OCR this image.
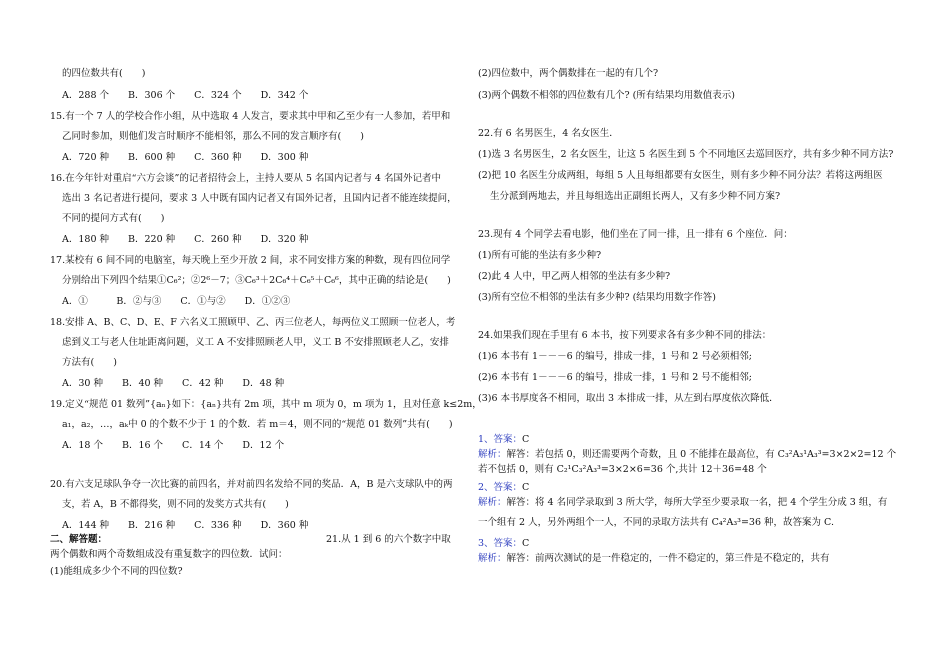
的四位数共有(　　)
A．288 个　　B．306 个　　C．324 个　　D．342 个
15.有一个 7 人的学校合作小组，从中选取 4 人发言，要求其中甲和乙至少有一人参加，若甲和
乙同时参加，则他们发言时顺序不能相邻，那么不同的发言顺序有(　　)
A．720 种　　B．600 种　　C．360 种　　D．300 种
16.在今年针对重启“六方会谈”的记者招待会上，主持人要从 5 名国内记者与 4 名国外记者中
选出 3 名记者进行提问，要求 3 人中既有国内记者又有国外记者，且国内记者不能连续提问，
不同的提问方式有(　　)
A．180 种　　B．220 种　　C．260 种　　D．320 种
17.某校有 6 间不同的电脑室，每天晚上至少开放 2 间，求不同安排方案的种数，现有四位同学
分别给出下列四个结果①C₆²；②2⁶－7；③C₆³＋2C₆⁴＋C₆⁵＋C₆⁶，其中正确的结论是(　　)
A．①　　　B．②与③　　C．①与②　　D．①②③
18.安排 A、B、C、D、E、F 六名义工照顾甲、乙、丙三位老人，每两位义工照顾一位老人，考
虑到义工与老人住址距离问题，义工 A 不安排照顾老人甲，义工 B 不安排照顾老人乙，安排
方法有(　　)
A．30 种　　B．40 种　　C．42 种　　D．48 种
19.定义“规范 01 数列”{aₙ}如下：{aₙ}共有 2m 项，其中 m 项为 0，m 项为 1，且对任意 k≤2m，
a₁，a₂，…，aₖ中 0 的个数不少于 1 的个数．若 m＝4，则不同的“规范 01 数列”共有(　　)
A．18 个　　B．16 个　　C．14 个　　D．12 个
20.有六支足球队争夺一次比赛的前四名，并对前四名发给不同的奖品．A，B 是六支球队中的两
支，若 A，B 不都得奖，则不同的发奖方式共有(　　)
A．144 种　　B．216 种　　C．336 种　　D．360 种
二、解答题：	21.从 1 到 6 的六个数字中取
两个偶数和两个奇数组成没有重复数字的四位数．试问：
(1)能组成多少个不同的四位数?
(2)四位数中，两个偶数排在一起的有几个?
(3)两个偶数不相邻的四位数有几个? (所有结果均用数值表示)
22.有 6 名男医生，4 名女医生．
(1)选 3 名男医生，2 名女医生，让这 5 名医生到 5 个不同地区去巡回医疗，共有多少种不同方法?
(2)把 10 名医生分成两组，每组 5 人且每组都要有女医生，则有多少种不同分法？若将这两组医
生分派到两地去，并且每组选出正副组长两人，又有多少种不同方案?
23.现有 4 个同学去看电影，他们坐在了同一排，且一排有 6 个座位．问：
(1)所有可能的坐法有多少种?
(2)此 4 人中，甲乙两人相邻的坐法有多少种?
(3)所有空位不相邻的坐法有多少种? (结果均用数字作答)
24.如果我们现在手里有 6 本书，按下列要求各有多少种不同的排法：
(1)6 本书有 1－－－6 的编号，排成一排，1 号和 2 号必须相邻;
(2)6 本书有 1－－－6 的编号，排成一排，1 号和 2 号不能相邻;
(3)6 本书厚度各不相同，取出 3 本排成一排，从左到右厚度依次降低．
1、答案：C
2、答案：C
3、答案：C
解析：解答：若包括 0，则还需要两个奇数，且 0 不能排在最高位，有 C₃²A₃¹A₃³=3×2×2=12 个
若不包括 0，则有 C₂¹C₃²A₃³=3×2×6=36 个,共计 12＋36=48 个
解析：解答：将 4 名同学录取到 3 所大学，每所大学至少要录取一名，把 4 个学生分成 3 组，有
一个组有 2 人，另外两组个一人，不同的录取方法共有 C₄²A₃³=36 种，故答案为 C.
解析：解答：前两次测试的是一件稳定的，一件不稳定的，第三件是不稳定的，共有
